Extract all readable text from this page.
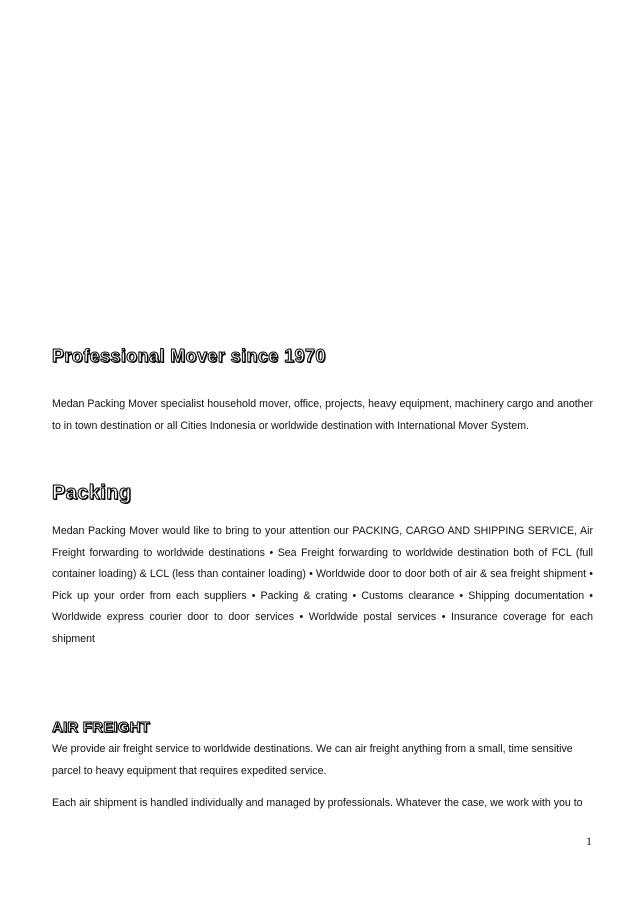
Professional Mover since 1970

Medan Packing Mover specialist household mover, office, projects, heavy equipment, machinery cargo and another to in town destination or all Cities Indonesia or worldwide destination with International Mover System.

Packing

Medan Packing Mover would like to bring to your attention our PACKING, CARGO AND SHIPPING SERVICE, Air Freight forwarding to worldwide destinations • Sea Freight forwarding to worldwide destination both of FCL (full container loading) & LCL (less than container loading) • Worldwide door to door both of air & sea freight shipment • Pick up your order from each suppliers • Packing & crating • Customs clearance • Shipping documentation • Worldwide express courier door to door services • Worldwide postal services • Insurance coverage for each shipment

AIR FREIGHT

We provide air freight service to worldwide destinations. We can air freight anything from a small, time sensitive parcel to heavy equipment that requires expedited service.

Each air shipment is handled individually and managed by professionals. Whatever the case, we work with you to

1
